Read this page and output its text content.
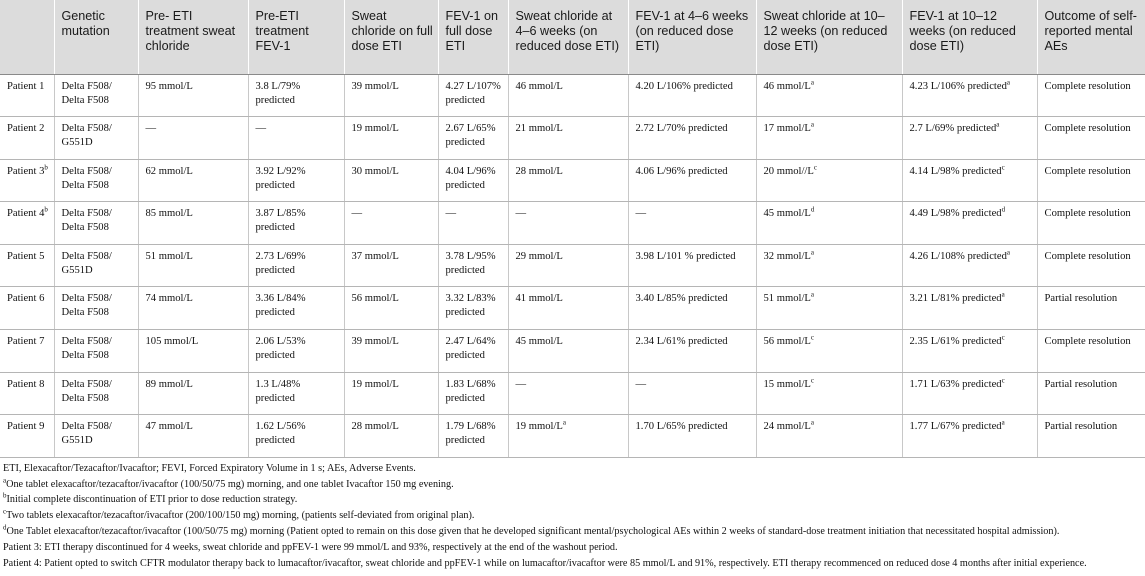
	Genetic mutation	Pre- ETI treatment sweat chloride	Pre-ETI treatment FEV-1	Sweat chloride on full dose ETI	FEV-1 on full dose ETI	Sweat chloride at 4–6 weeks (on reduced dose ETI)	FEV-1 at 4–6 weeks (on reduced dose ETI)	Sweat chloride at 10–12 weeks (on reduced dose ETI)	FEV-1 at 10–12 weeks (on reduced dose ETI)	Outcome of self-reported mental AEs
Patient 1	Delta F508/ Delta F508	95 mmol/L	3.8 L/79% predicted	39 mmol/L	4.27 L/107% predicted	46 mmol/L	4.20 L/106% predicted	46 mmol/$L^a$	4.23 L/106% predicted$^a$	Complete resolution
Patient 2	Delta F508/ G551D	—	—	19 mmol/L	2.67 L/65% predicted	21 mmol/L	2.72 L/70% predicted	17 mmol/$L^a$	2.7 L/69% predicted$^a$	Complete resolution
Patient 3$^b$	Delta F508/ Delta F508	62 mmol/L	3.92 L/92% predicted	30 mmol/L	4.04 L/96% predicted	28 mmol/L	4.06 L/96% predicted	20 mmol/$/L^c$	4.14 L/98% predicted$^c$	Complete resolution
Patient 4$^b$	Delta F508/ Delta F508	85 mmol/L	3.87 L/85% predicted	—	—	—	—	45 mmol/$L^d$	4.49 L/98% predicted$^d$	Complete resolution
Patient 5	Delta F508/ G551D	51 mmol/L	2.73 L/69% predicted	37 mmol/L	3.78 L/95% predicted	29 mmol/L	3.98 L/101 % predicted	32 mmol/$L^a$	4.26 L/108% predicted$^a$	Complete resolution
Patient 6	Delta F508/ Delta F508	74 mmol/L	3.36 L/84% predicted	56 mmol/L	3.32 L/83% predicted	41 mmol/L	3.40 L/85% predicted	51 mmol/$L^a$	3.21 L/81% predicted$^a$	Partial resolution
Patient 7	Delta F508/ Delta F508	105 mmol/L	2.06 L/53% predicted	39 mmol/L	2.47 L/64% predicted	45 mmol/L	2.34 L/61% predicted	56 mmol/$L^c$	2.35 L/61% predicted$^c$	Complete resolution
Patient 8	Delta F508/ Delta F508	89 mmol/L	1.3 L/48% predicted	19 mmol/L	1.83 L/68% predicted	—	—	15 mmol/$L^c$	1.71 L/63% predicted$^c$	Partial resolution
Patient 9	Delta F508/ G551D	47 mmol/L	1.62 L/56% predicted	28 mmol/L	1.79 L/68% predicted	19 mmol/$L^a$	1.70 L/65% predicted	24 mmol/$L^a$	1.77 L/67% predicted$^a$	Partial resolution
ETI, Elexacaftor/Tezacaftor/Ivacaftor; FEVI, Forced Expiratory Volume in 1 s; AEs, Adverse Events.
$^a$One tablet elexacaftor/tezacaftor/ivacaftor (100/50/75 mg) morning, and one tablet Ivacaftor 150 mg evening.
$^b$Initial complete discontinuation of ETI prior to dose reduction strategy.
$^c$Two tablets elexacaftor/tezacaftor/ivacaftor (200/100/150 mg) morning, (patients self-deviated from original plan).
$^d$One Tablet elexacaftor/tezacaftor/ivacaftor (100/50/75 mg) morning (Patient opted to remain on this dose given that he developed significant mental/psychological AEs within 2 weeks of standard-dose treatment initiation that necessitated hospital admission).
Patient 3: ETI therapy discontinued for 4 weeks, sweat chloride and ppFEV-1 were 99 mmol/L and 93%, respectively at the end of the washout period.
Patient 4: Patient opted to switch CFTR modulator therapy back to lumacaftor/ivacaftor, sweat chloride and ppFEV-1 while on lumacaftor/ivacaftor were 85 mmol/L and 91%, respectively. ETI therapy recommenced on reduced dose 4 months after initial experience.
